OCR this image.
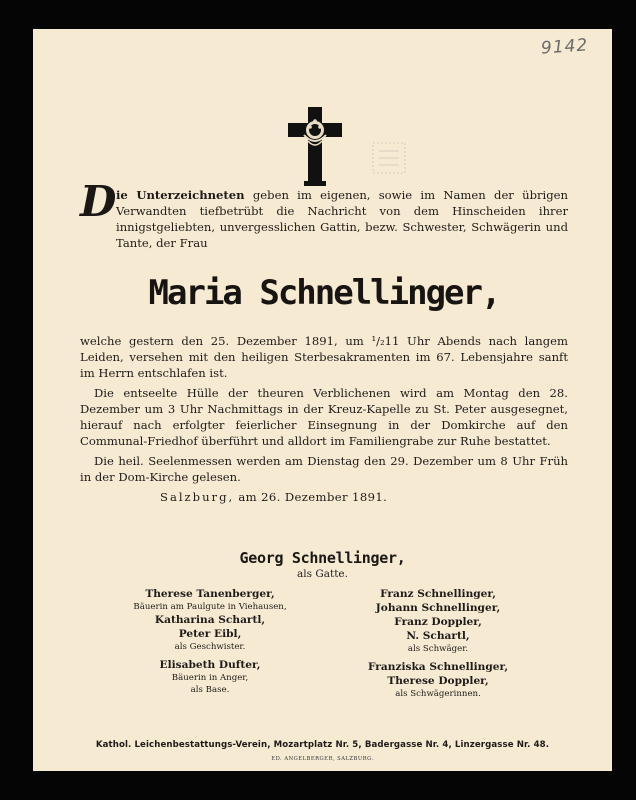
9142
D ie Unterzeichneten geben im eigenen, sowie im Namen der übrigen Verwandten tiefbetrübt die Nachricht von dem Hinscheiden ihrer innigstgeliebten, unvergesslichen Gattin, bezw. Schwester, Schwägerin und Tante, der Frau
Maria Schnellinger,

welche gestern den 25. Dezember 1891, um ¹/₂11 Uhr Abends nach langem Leiden, versehen mit den heiligen Sterbesakramenten im 67. Lebensjahre sanft im Herrn entschlafen ist.

Die entseelte Hülle der theuren Verblichenen wird am Montag den 28. Dezember um 3 Uhr Nachmittags in der Kreuz-Kapelle zu St. Peter ausgesegnet, hierauf nach erfolgter feierlicher Einsegnung in der Domkirche auf den Communal-Friedhof überführt und alldort im Familiengrabe zur Ruhe bestattet.

Die heil. Seelenmessen werden am Dienstag den 29. Dezember um 8 Uhr Früh in der Dom-Kirche gelesen.

Salzburg, am 26. Dezember 1891.
Georg Schnellinger,
als Gatte.
Therese Tanenberger,
Bäuerin am Paulgute in Viehausen,
Katharina Schartl,
Peter Eibl,
als Geschwister.
Elisabeth Dufter,
Bäuerin in Anger,
als Base.
Franz Schnellinger,
Johann Schnellinger,
Franz Doppler,
N. Schartl,
als Schwäger.
Franziska Schnellinger,
Therese Doppler,
als Schwägerinnen.
Kathol. Leichenbestattungs-Verein, Mozartplatz Nr. 5, Badergasse Nr. 4, Linzergasse Nr. 48.
ED. ANGELBERGER, SALZBURG.
